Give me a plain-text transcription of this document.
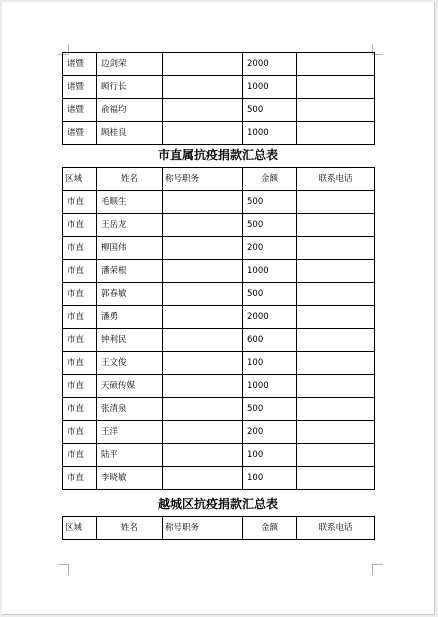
诸暨	边剑荣		2000	
诸暨	顾行长		1000	
诸暨	俞福均		500	
诸暨	顾桂良		1000	
市直属抗疫捐款汇总表
区域	姓名	称号职务	金额	联系电话
市直	毛顺生		500	
市直	王岳龙		500	
市直	柳国伟		200	
市直	潘荣根		1000	
市直	郭春敏		500	
市直	潘勇		2000	
市直	钟利民		600	
市直	王文俊		100	
市直	天硕传媒		1000	
市直	张清泉		500	
市直	王洋		200	
市直	陆平		100	
市直	李晓敏		100	
越城区抗疫捐款汇总表
区域	姓名	称号职务	金额	联系电话
